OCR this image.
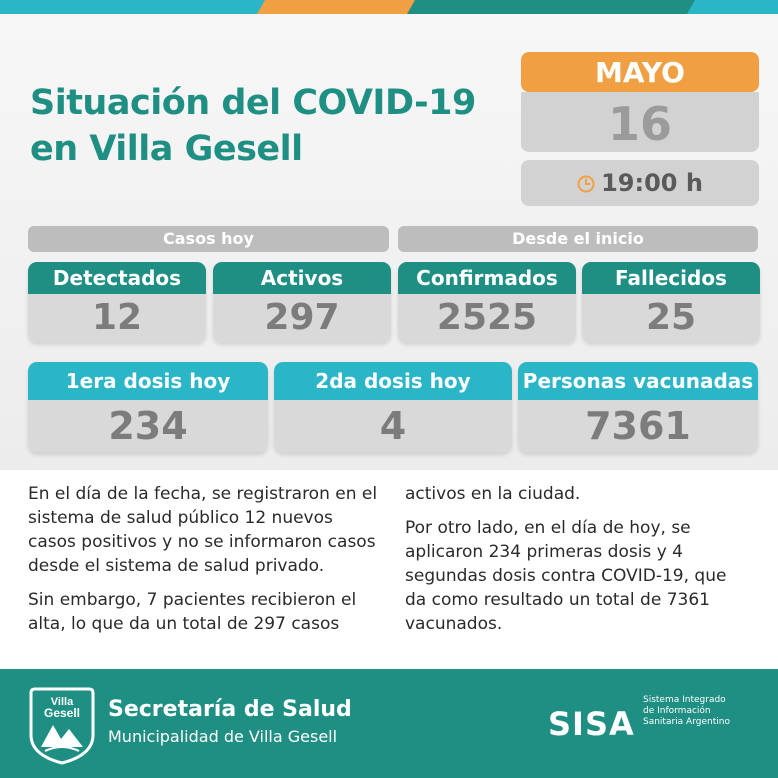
Situación del COVID-19
en Villa Gesell
MAYO
16
19:00 h
Casos hoy	Desde el inicio
Detectados
12
Activos
297
Confirmados
2525
Fallecidos
25
1era dosis hoy
234
2da dosis hoy
4
Personas vacunadas
7361

En el día de la fecha, se registraron en el sistema de salud público 12 nuevos casos positivos y no se informaron casos desde el sistema de salud privado.

Sin embargo, 7 pacientes recibieron el alta, lo que da un total de 297 casos

activos en la ciudad.

Por otro lado, en el día de hoy, se aplicaron 234 primeras dosis y 4 segundas dosis contra COVID-19, que da como resultado un total de 7361 vacunados.

Villa
Gesell Secretaría de Salud
Municipalidad de Villa Gesell	SISA
Sistema Integrado
de Información
Sanitaria Argentino
